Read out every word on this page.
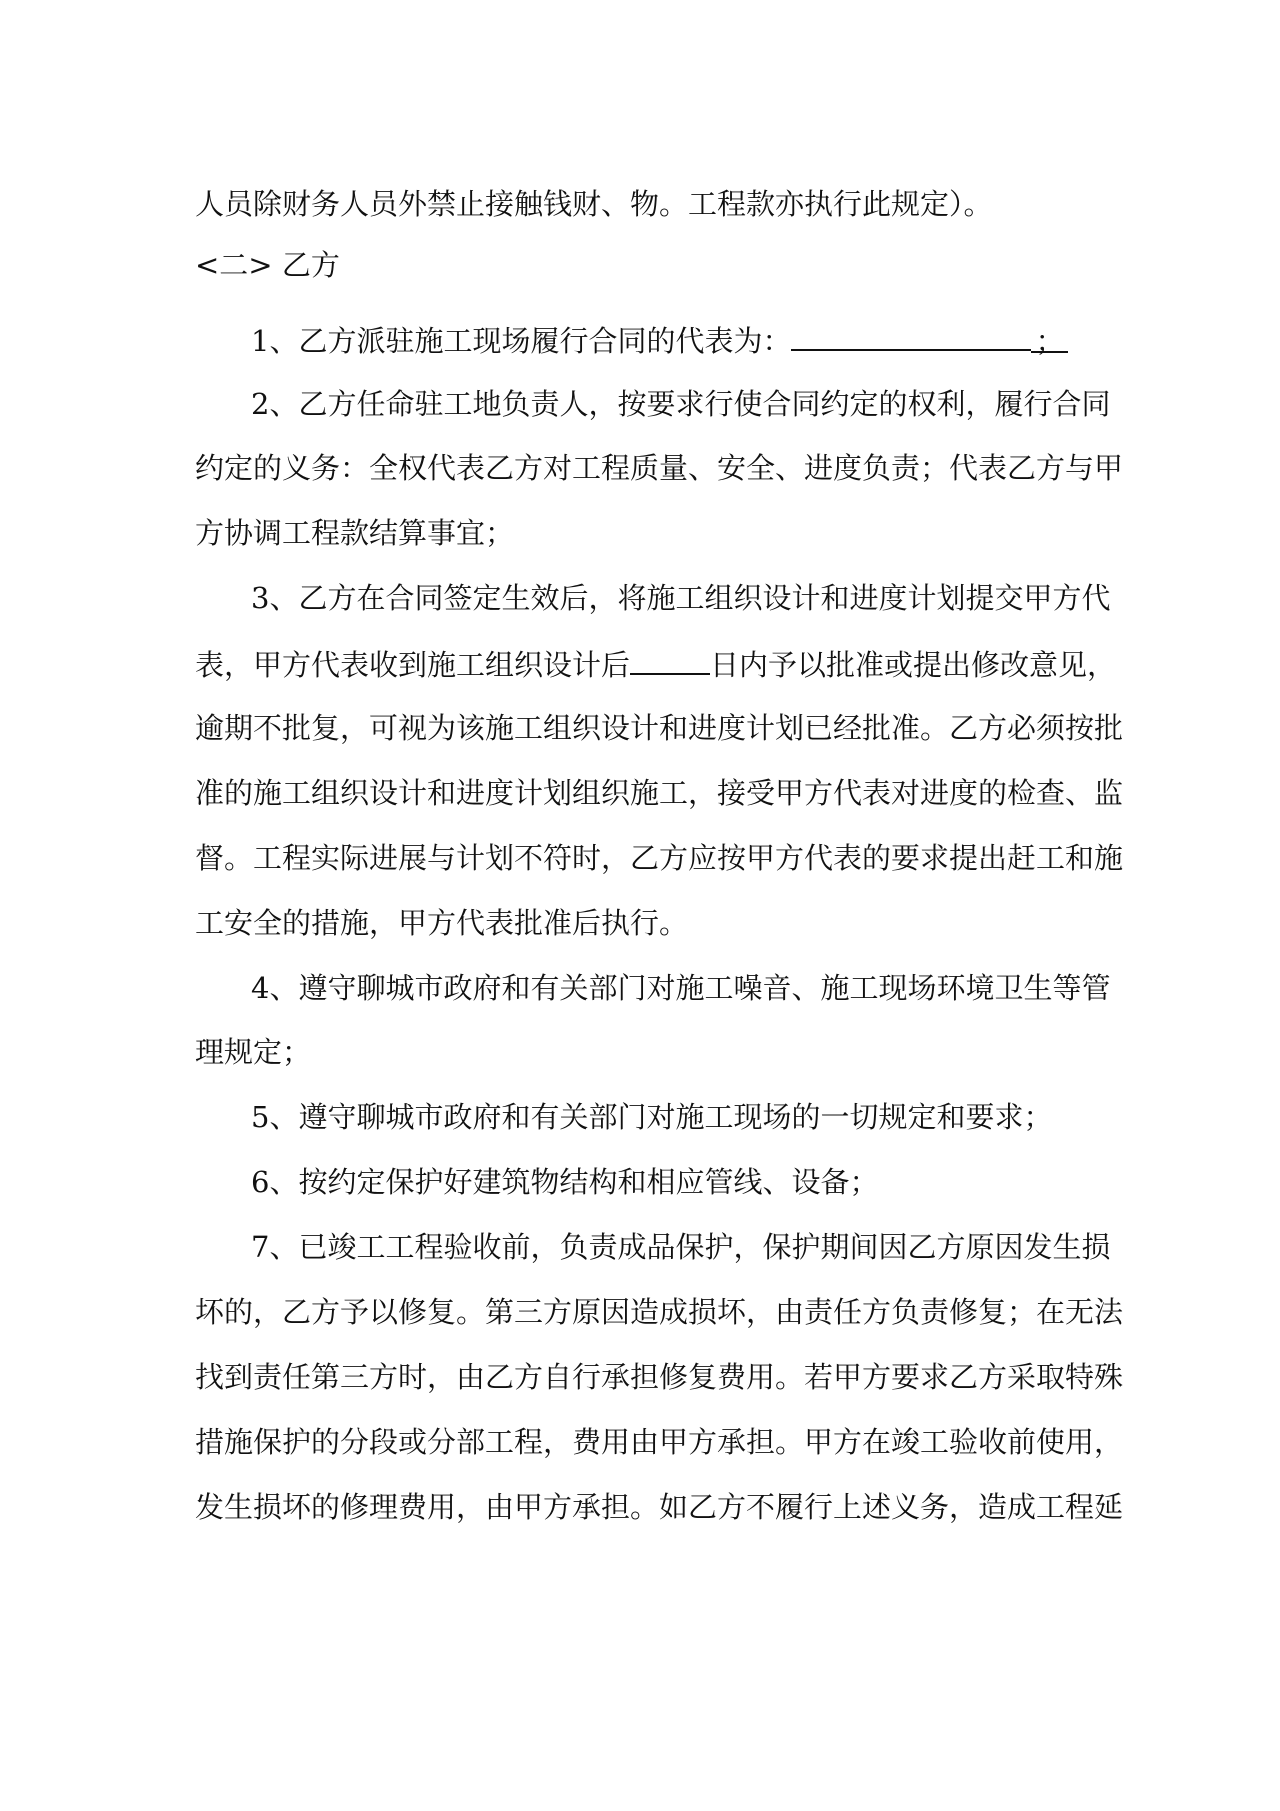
人员除财务人员外禁止接触钱财、物。工程款亦执行此规定）。

<二> 乙方

1、乙方派驻施工现场履行合同的代表为：	；

2、乙方任命驻工地负责人，按要求行使合同约定的权利，履行合同

约定的义务：全权代表乙方对工程质量、安全、进度负责；代表乙方与甲

方协调工程款结算事宜；

3、乙方在合同签定生效后，将施工组织设计和进度计划提交甲方代

表，甲方代表收到施工组织设计后	日内予以批准或提出修改意见，

逾期不批复，可视为该施工组织设计和进度计划已经批准。乙方必须按批

准的施工组织设计和进度计划组织施工，接受甲方代表对进度的检查、监

督。工程实际进展与计划不符时，乙方应按甲方代表的要求提出赶工和施

工安全的措施，甲方代表批准后执行。

4、遵守聊城市政府和有关部门对施工噪音、施工现场环境卫生等管

理规定；

5、遵守聊城市政府和有关部门对施工现场的一切规定和要求；

6、按约定保护好建筑物结构和相应管线、设备；

7、已竣工工程验收前，负责成品保护，保护期间因乙方原因发生损

坏的，乙方予以修复。第三方原因造成损坏，由责任方负责修复；在无法

找到责任第三方时，由乙方自行承担修复费用。若甲方要求乙方采取特殊

措施保护的分段或分部工程，费用由甲方承担。甲方在竣工验收前使用，

发生损坏的修理费用，由甲方承担。如乙方不履行上述义务，造成工程延
